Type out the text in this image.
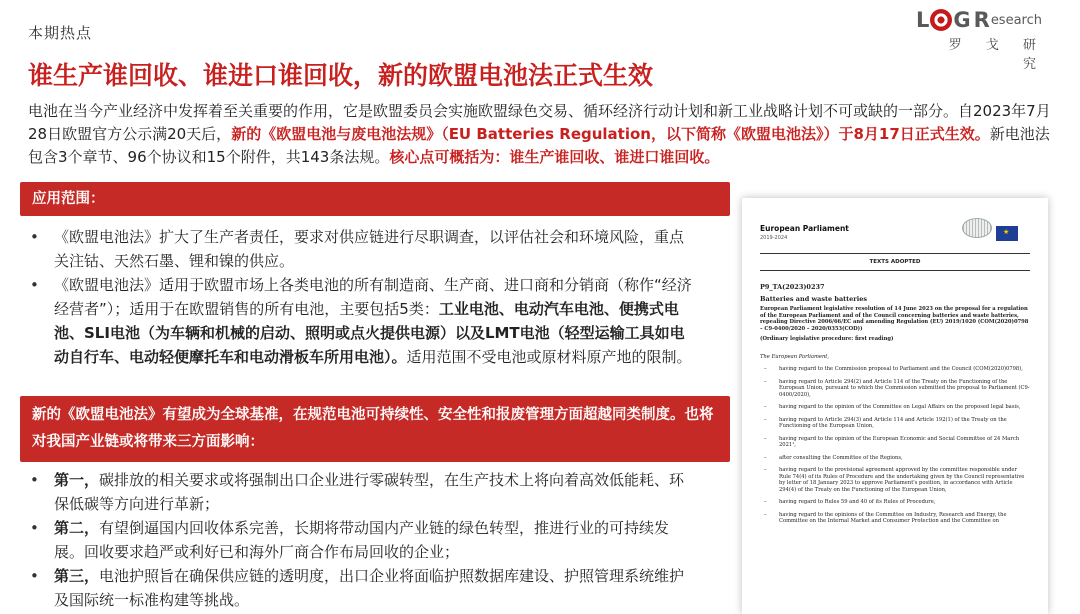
本期热点
L G R esearch
罗 戈 研 究
谁生产谁回收、谁进口谁回收，新的欧盟电池法正式生效
电池在当今产业经济中发挥着至关重要的作用，它是欧盟委员会实施欧盟绿色交易、循环经济行动计划和新工业战略计划不可或缺的一部分。自2023年7月28日欧盟官方公示满20天后，新的《欧盟电池与废电池法规》（EU Batteries Regulation，以下简称《欧盟电池法》）于8月17日正式生效。新电池法包含3个章节、96个协议和15个附件，共143条法规。核心点可概括为：谁生产谁回收、谁进口谁回收。
应用范围：
• 《欧盟电池法》扩大了生产者责任，要求对供应链进行尽职调查，以评估社会和环境风险，重点关注钴、天然石墨、锂和镍的供应。
• 《欧盟电池法》适用于欧盟市场上各类电池的所有制造商、生产商、进口商和分销商（称作“经济经营者”）；适用于在欧盟销售的所有电池，主要包括5类：工业电池、电动汽车电池、便携式电池、SLI电池（为车辆和机械的启动、照明或点火提供电源）以及LMT电池（轻型运输工具如电动自行车、电动轻便摩托车和电动滑板车所用电池）。适用范围不受电池或原材料原产地的限制。
新的《欧盟电池法》有望成为全球基准，在规范电池可持续性、安全性和报废管理方面超越同类制度。也将对我国产业链或将带来三方面影响：
• 第一，碳排放的相关要求或将强制出口企业进行零碳转型，在生产技术上将向着高效低能耗、环保低碳等方向进行革新；
• 第二，有望倒逼国内回收体系完善，长期将带动国内产业链的绿色转型，推进行业的可持续发展。回收要求趋严或利好已和海外厂商合作布局回收的企业；
• 第三，电池护照旨在确保供应链的透明度，出口企业将面临护照数据库建设、护照管理系统维护及国际统一标准构建等挑战。
European Parliament
2019-2024
★
TEXTS ADOPTED
P9_TA(2023)0237
Batteries and waste batteries
European Parliament legislative resolution of 14 June 2023 on the proposal for a regulation of the European Parliament and of the Council concerning batteries and waste batteries, repealing Directive 2006/66/EC and amending Regulation (EU) 2019/1020 (COM(2020)0798 – C9-0400/2020 – 2020/0353(COD))
(Ordinary legislative procedure: first reading)
The European Parliament,
– having regard to the Commission proposal to Parliament and the Council (COM(2020)0798),
– having regard to Article 294(2) and Article 114 of the Treaty on the Functioning of the European Union, pursuant to which the Commission submitted the proposal to Parliament (C9-0400/2020),
– having regard to the opinion of the Committee on Legal Affairs on the proposed legal basis,
– having regard to Article 294(3) and Article 114 and Article 192(1) of the Treaty on the Functioning of the European Union,
– having regard to the opinion of the European Economic and Social Committee of 24 March 2021¹,
– after consulting the Committee of the Regions,
– having regard to the provisional agreement approved by the committee responsible under Rule 74(4) of its Rules of Procedure and the undertaking given by the Council representative by letter of 18 January 2023 to approve Parliament's position, in accordance with Article 294(4) of the Treaty on the Functioning of the European Union,
– having regard to Rules 59 and 40 of its Rules of Procedure,
– having regard to the opinions of the Committee on Industry, Research and Energy, the Committee on the Internal Market and Consumer Protection and the Committee on
